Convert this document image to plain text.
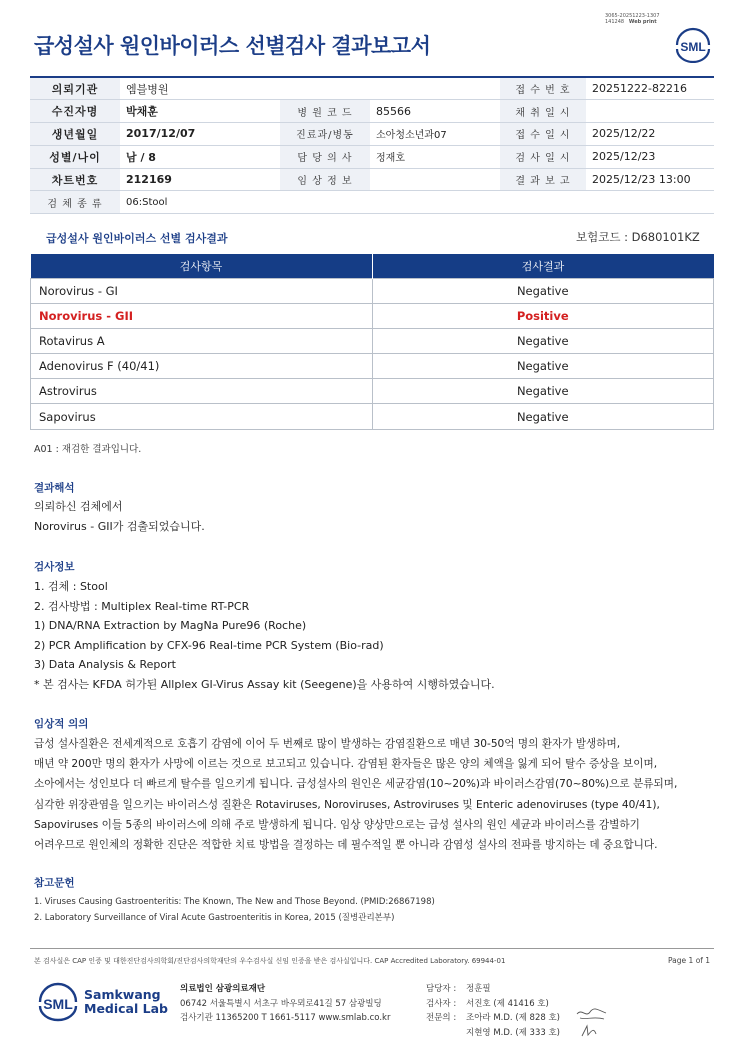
3065-20251223-1307
141248 Web print
급성설사 원인바이러스 선별검사 결과보고서	SML
의뢰기관	엠블병원			접 수 번 호	20251222-82216
수진자명	박채훈	병 원 코 드	85566	채 취 일 시	
생년월일	2017/12/07	진료과/병동	소아청소년과07	접 수 일 시	2025/12/22
성별/나이	남 / 8	담 당 의 사	정재호	검 사 일 시	2025/12/23
차트번호	212169	임 상 정 보		결 과 보 고	2025/12/23 13:00
검 체 종 류	06:Stool				
급성설사 원인바이러스 선별 검사결과	보험코드 : D680101KZ
검사항목	검사결과
Norovirus - GI	Negative
Norovirus - GII	Positive
Rotavirus A	Negative
Adenovirus F (40/41)	Negative
Astrovirus	Negative
Sapovirus	Negative
A01 : 재검한 결과입니다.
결과해석
의뢰하신 검체에서
Norovirus - GII가 검출되었습니다.
검사정보
1. 검체 : Stool
2. 검사방법 : Multiplex Real-time RT-PCR
1) DNA/RNA Extraction by MagNa Pure96 (Roche)
2) PCR Amplification by CFX-96 Real-time PCR System (Bio-rad)
3) Data Analysis & Report
* 본 검사는 KFDA 허가된 Allplex GI-Virus Assay kit (Seegene)을 사용하여 시행하였습니다.
임상적 의의
급성 설사질환은 전세계적으로 호흡기 감염에 이어 두 번째로 많이 발생하는 감염질환으로 매년 30-50억 명의 환자가 발생하며,
매년 약 200만 명의 환자가 사망에 이르는 것으로 보고되고 있습니다. 감염된 환자들은 많은 양의 체액을 잃게 되어 탈수 증상을 보이며,
소아에서는 성인보다 더 빠르게 탈수를 일으키게 됩니다. 급성설사의 원인은 세균감염(10~20%)과 바이러스감염(70~80%)으로 분류되며,
심각한 위장관염을 일으키는 바이러스성 질환은 Rotaviruses, Noroviruses, Astroviruses 및 Enteric adenoviruses (type 40/41),
Sapoviruses 이들 5종의 바이러스에 의해 주로 발생하게 됩니다. 임상 양상만으로는 급성 설사의 원인 세균과 바이러스를 감별하기
어려우므로 원인체의 정확한 진단은 적합한 치료 방법을 결정하는 데 필수적일 뿐 아니라 감염성 설사의 전파를 방지하는 데 중요합니다.
참고문헌
1. Viruses Causing Gastroenteritis: The Known, The New and Those Beyond. (PMID:26867198)
2. Laboratory Surveillance of Viral Acute Gastroenteritis in Korea, 2015 (질병관리본부)
본 검사실은 CAP 인증 및 대한진단검사의학회/진단검사의학재단의 우수검사실 신임 인증을 받은 검사실입니다. CAP Accredited Laboratory. 69944-01	Page 1 of 1
SML
Samkwang
Medical Lab
의료법인 삼광의료재단
06742 서울특별시 서초구 바우뫼로41길 57 삼광빌딩
검사기관 11365200 T 1661-5117 www.smlab.co.kr
담당자 :	정훈필
검사자 :	서진호 (제 41416 호)
전문의 :	조아라 M.D. (제 828 호)
지현영 M.D. (제 333 호)
